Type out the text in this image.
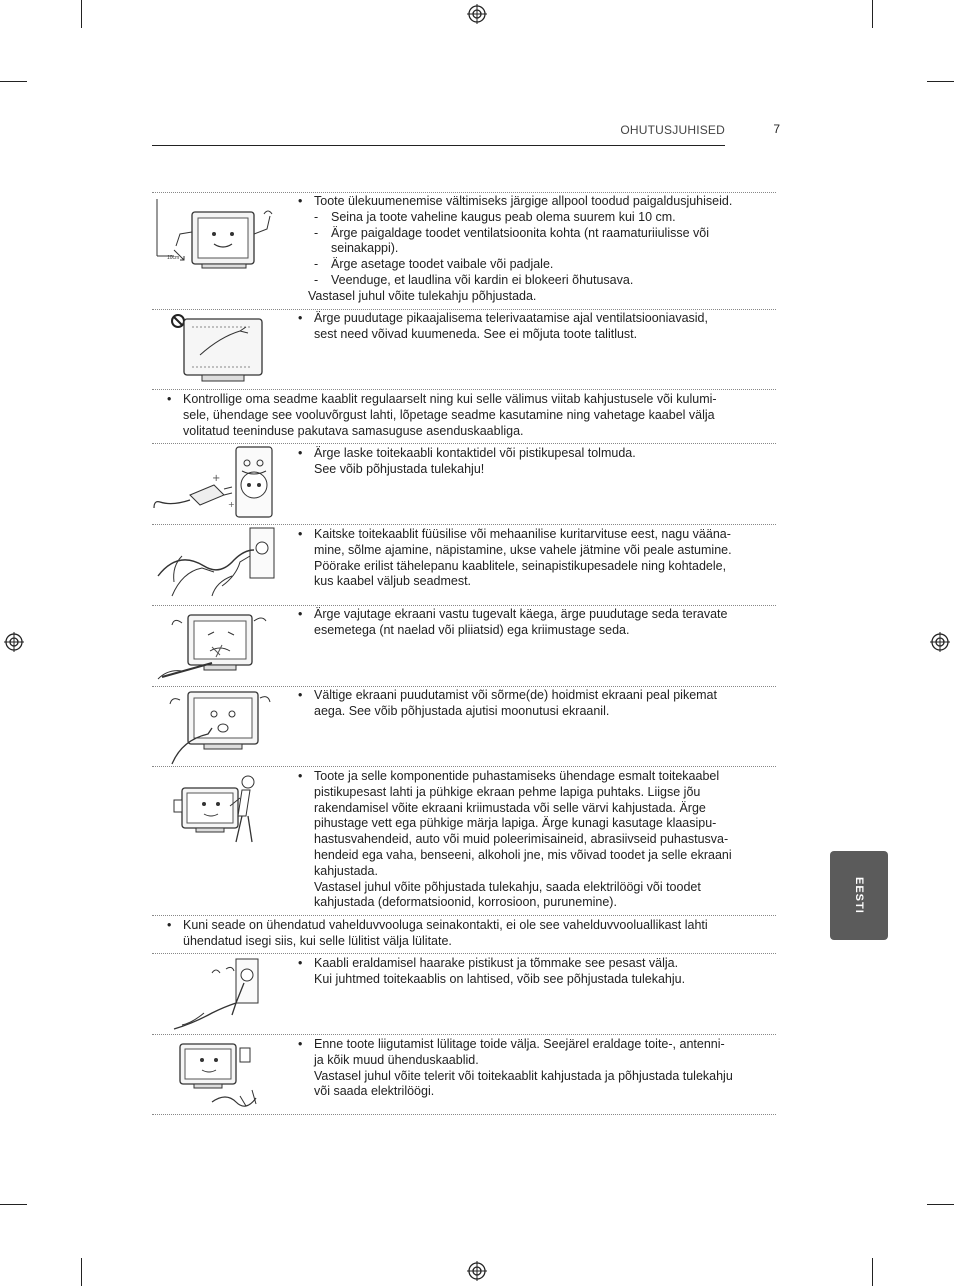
OHUTUSJUHISED	7
EESTI
10cm
• Toote ülekuumenemise vältimiseks järgige allpool toodud paigaldusjuhiseid.
- Seina ja toote vaheline kaugus peab olema suurem kui 10 cm.
- Ärge paigaldage toodet ventilatsioonita kohta (nt raamaturiiulisse või
seinakappi).
- Ärge asetage toodet vaibale või padjale.
- Veenduge, et laudlina või kardin ei blokeeri õhutusava.
Vastasel juhul võite tulekahju põhjustada.
• Ärge puudutage pikaajalisema telerivaatamise ajal ventilatsiooniavasid,
sest need võivad kuumeneda. See ei mõjuta toote talitlust.
• Kontrollige oma seadme kaablit regulaarselt ning kui selle välimus viitab kahjustusele või kulumi-
sele, ühendage see vooluvõrgust lahti, lõpetage seadme kasutamine ning vahetage kaabel välja
volitatud teeninduse pakutava samasuguse asenduskaabliga.
+
+
• Ärge laske toitekaabli kontaktidel või pistikupesal tolmuda.
See võib põhjustada tulekahju!
• Kaitske toitekaablit füüsilise või mehaanilise kuritarvituse eest, nagu vääna-
mine, sõlme ajamine, näpistamine, ukse vahele jätmine või peale astumine.
Pöörake erilist tähelepanu kaablitele, seinapistikupesadele ning kohtadele,
kus kaabel väljub seadmest.
• Ärge vajutage ekraani vastu tugevalt käega, ärge puudutage seda teravate
esemetega (nt naelad või pliiatsid) ega kriimustage seda.
• Vältige ekraani puudutamist või sõrme(de) hoidmist ekraani peal pikemat
aega. See võib põhjustada ajutisi moonutusi ekraanil.
• Toote ja selle komponentide puhastamiseks ühendage esmalt toitekaabel
pistikupesast lahti ja pühkige ekraan pehme lapiga puhtaks. Liigse jõu
rakendamisel võite ekraani kriimustada või selle värvi kahjustada. Ärge
pihustage vett ega pühkige märja lapiga. Ärge kunagi kasutage klaasipu-
hastusvahendeid, auto või muid poleerimisaineid, abrasiivseid puhastusva-
hendeid ega vaha, benseeni, alkoholi jne, mis võivad toodet ja selle ekraani
kahjustada.
Vastasel juhul võite põhjustada tulekahju, saada elektrilöögi või toodet
kahjustada (deformatsioonid, korrosioon, purunemine).
• Kuni seade on ühendatud vahelduvvooluga seinakontakti, ei ole see vahelduvvooluallikast lahti
ühendatud isegi siis, kui selle lülitist välja lülitate.
• Kaabli eraldamisel haarake pistikust ja tõmmake see pesast välja.
Kui juhtmed toitekaablis on lahtised, võib see põhjustada tulekahju.
• Enne toote liigutamist lülitage toide välja. Seejärel eraldage toite-, antenni-
ja kõik muud ühenduskaablid.
Vastasel juhul võite telerit või toitekaablit kahjustada ja põhjustada tulekahju
või saada elektrilöögi.
